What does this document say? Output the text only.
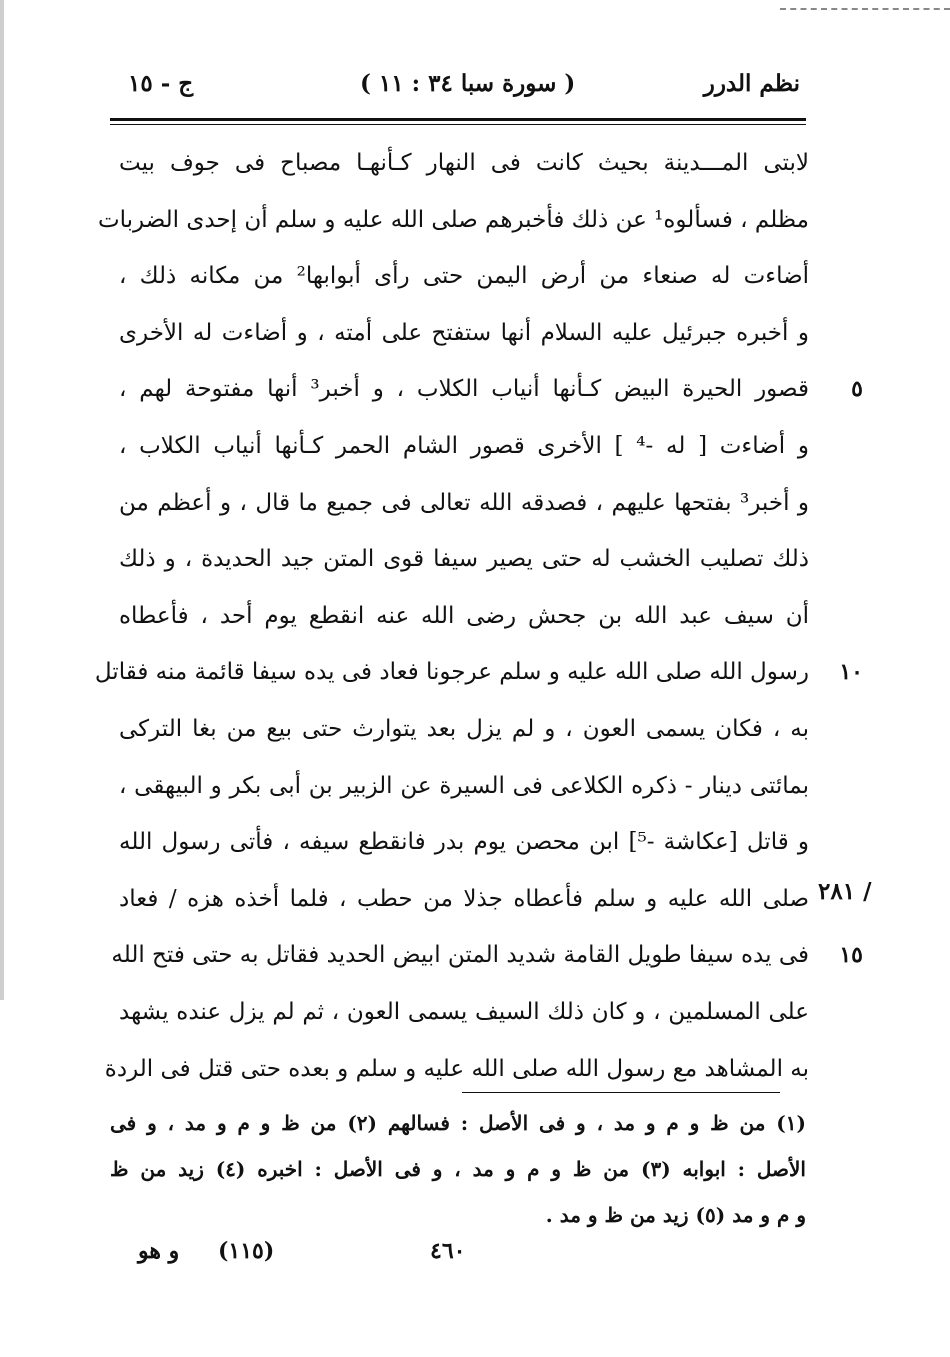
نظم الدرر
( سورة سبا ٣٤ : ١١ )
ج - ١٥
لابتى المـــدينة بحيث كانت فى النهار كـأنهـا مصباح فى جوف بيت
مظلم ، فسألوه¹ عن ذلك فأخبرهم صلى الله عليه و سلم أن إحدى الضربات
أضاءت له صنعاء من أرض اليمن حتى رأى أبوابها² من مكانه ذلك ،
و أخبره جبرئيل عليه السلام أنها ستفتح على أمته ، و أضاءت له الأخرى
قصور الحيرة البيض كـأنها أنياب الكلاب ، و أخبر³ أنها مفتوحة لهم ، ٥
و أضاءت [ له -⁴ ] الأخرى قصور الشام الحمر كـأنها أنياب الكلاب ،
و أخبر³ بفتحها عليهم ، فصدقه الله تعالى فى جميع ما قال ، و أعظم من
ذلك تصليب الخشب له حتى يصير سيفا قوى المتن جيد الحديدة ، و ذلك
أن سيف عبد الله بن جحش رضى الله عنه انقطع يوم أحد ، فأعطاه
رسول الله صلى الله عليه و سلم عرجونا فعاد فى يده سيفا قائمة منه فقاتل ١٠
به ، فكان يسمى العون ، و لم يزل بعد يتوارث حتى بيع من بغا التركى
بمائتى دينار - ذكره الكلاعى فى السيرة عن الزبير بن أبى بكر و البيهقى ،
و قاتل [عكاشة -⁵] ابن محصن يوم بدر فانقطع سيفه ، فأتى رسول الله
صلى الله عليه و سلم فأعطاه جذلا من حطب ، فلما أخذه هزه / فعاد
فى يده سيفا طويل القامة شديد المتن ابيض الحديد فقاتل به حتى فتح الله ١٥
على المسلمين ، و كان ذلك السيف يسمى العون ، ثم لم يزل عنده يشهد
به المشاهد مع رسول الله صلى الله عليه و سلم و بعده حتى قتل فى الردة
/ ٢٨١
(١) من ظ و م و مد ، و فى الأصل : فسالهم (٢) من ظ و م و مد ، و فى
الأصل : ابوابه (٣) من ظ و م و مد ، و فى الأصل : اخبره (٤) زيد من ظ
و م و مد (٥) زيد من ظ و مد .
٤٦٠
(١١٥)
و هو
